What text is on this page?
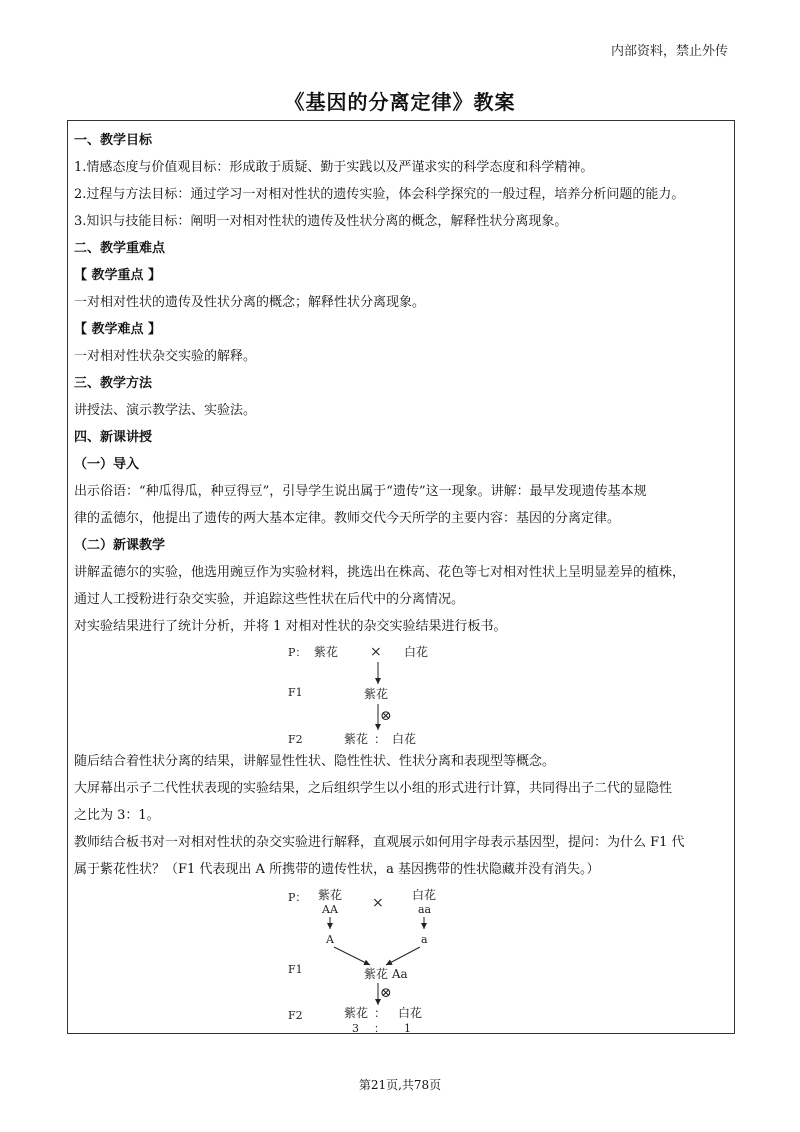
内部资料，禁止外传
《基因的分离定律》教案

一、教学目标

1.情感态度与价值观目标：形成敢于质疑、勤于实践以及严谨求实的科学态度和科学精神。

2.过程与方法目标：通过学习一对相对性状的遗传实验，体会科学探究的一般过程，培养分析问题的能力。

3.知识与技能目标：阐明一对相对性状的遗传及性状分离的概念，解释性状分离现象。

二、教学重难点

【 教学重点 】

一对相对性状的遗传及性状分离的概念；解释性状分离现象。

【 教学难点 】

一对相对性状杂交实验的解释。

三、教学方法

讲授法、演示教学法、实验法。

四、新课讲授

（一）导入

出示俗语：“种瓜得瓜，种豆得豆”，引导学生说出属于“遗传”这一现象。讲解：最早发现遗传基本规

律的孟德尔，他提出了遗传的两大基本定律。教师交代今天所学的主要内容：基因的分离定律。

（二）新课教学

讲解孟德尔的实验，他选用豌豆作为实验材料，挑选出在株高、花色等七对相对性状上呈明显差异的植株，

通过人工授粉进行杂交实验，并追踪这些性状在后代中的分离情况。

对实验结果进行了统计分析，并将 1 对相对性状的杂交实验结果进行板书。

P： 紫花 × 白花
F1	紫花
⊗
F2	紫花 ： 白花

随后结合着性状分离的结果，讲解显性性状、隐性性状、性状分离和表现型等概念。

大屏幕出示子二代性状表现的实验结果，之后组织学生以小组的形式进行计算，共同得出子二代的显隐性

之比为 3：1。

教师结合板书对一对相对性状的杂交实验进行解释，直观展示如何用字母表示基因型，提问：为什么 F1 代

属于紫花性状？（F1 代表现出 A 所携带的遗传性状，a 基因携带的性状隐藏并没有消失。）

P： 紫花 × 白花
AA	aa
A	a
F1	紫花 Aa
⊗
F2	紫花 ： 白花
3 ： 1
第21页,共78页
